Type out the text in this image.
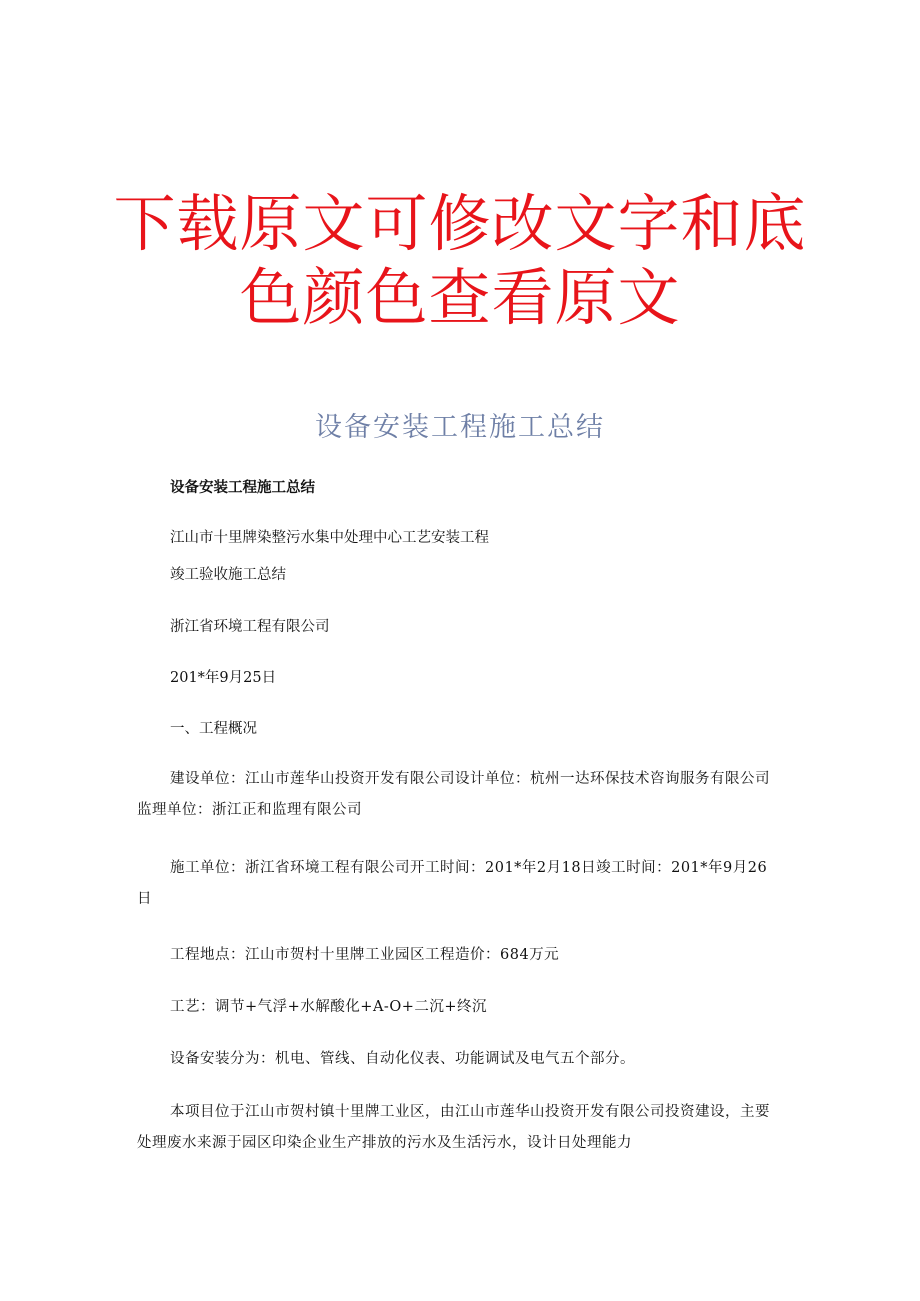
下载原文可修改文字和底
色颜色查看原文
设备安装工程施工总结
设备安装工程施工总结
江山市十里牌染整污水集中处理中心工艺安装工程
竣工验收施工总结
浙江省环境工程有限公司
201*年9月25日
一、工程概况
建设单位：江山市莲华山投资开发有限公司设计单位：杭州一达环保技术咨询服务有限公司监理单位：浙江正和监理有限公司
施工单位：浙江省环境工程有限公司开工时间：201*年2月18日竣工时间：201*年9月26日
工程地点：江山市贺村十里牌工业园区工程造价：684万元
工艺：调节+气浮+水解酸化+A-O+二沉+终沉
设备安装分为：机电、管线、自动化仪表、功能调试及电气五个部分。
本项目位于江山市贺村镇十里牌工业区，由江山市莲华山投资开发有限公司投资建设，主要处理废水来源于园区印染企业生产排放的污水及生活污水，设计日处理能力
